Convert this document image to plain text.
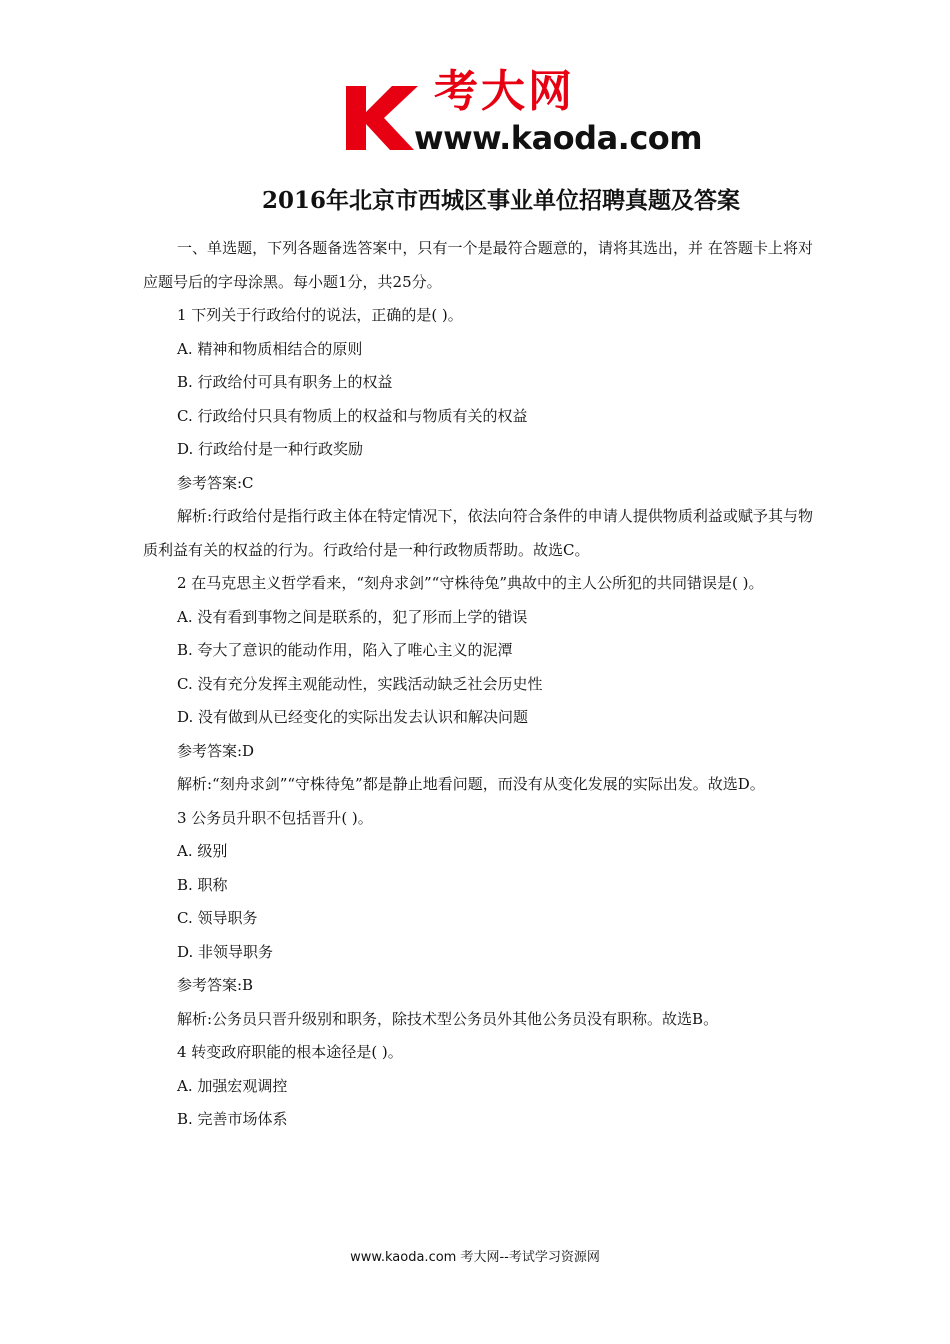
考大网
www.kaoda.com
2016年北京市西城区事业单位招聘真题及答案

一、单选题，下列各题备选答案中，只有一个是最符合题意的，请将其选出，并 在答题卡上将对应题号后的字母涂黑。每小题1分，共25分。

1 下列关于行政给付的说法，正确的是( )。

A. 精神和物质相结合的原则

B. 行政给付可具有职务上的权益

C. 行政给付只具有物质上的权益和与物质有关的权益

D. 行政给付是一种行政奖励

参考答案:C

解析:行政给付是指行政主体在特定情况下，依法向符合条件的申请人提供物质利益或赋予其与物质利益有关的权益的行为。行政给付是一种行政物质帮助。故选C。

2 在马克思主义哲学看来，“刻舟求剑”“守株待兔”典故中的主人公所犯的共同错误是( )。

A. 没有看到事物之间是联系的，犯了形而上学的错误

B. 夸大了意识的能动作用，陷入了唯心主义的泥潭

C. 没有充分发挥主观能动性，实践活动缺乏社会历史性

D. 没有做到从已经变化的实际出发去认识和解决问题

参考答案:D

解析:“刻舟求剑”“守株待兔”都是静止地看问题，而没有从变化发展的实际出发。故选D。

3 公务员升职不包括晋升( )。

A. 级别

B. 职称

C. 领导职务

D. 非领导职务

参考答案:B

解析:公务员只晋升级别和职务，除技术型公务员外其他公务员没有职称。故选B。

4 转变政府职能的根本途径是( )。

A. 加强宏观调控

B. 完善市场体系

www.kaoda.com 考大网--考试学习资源网
